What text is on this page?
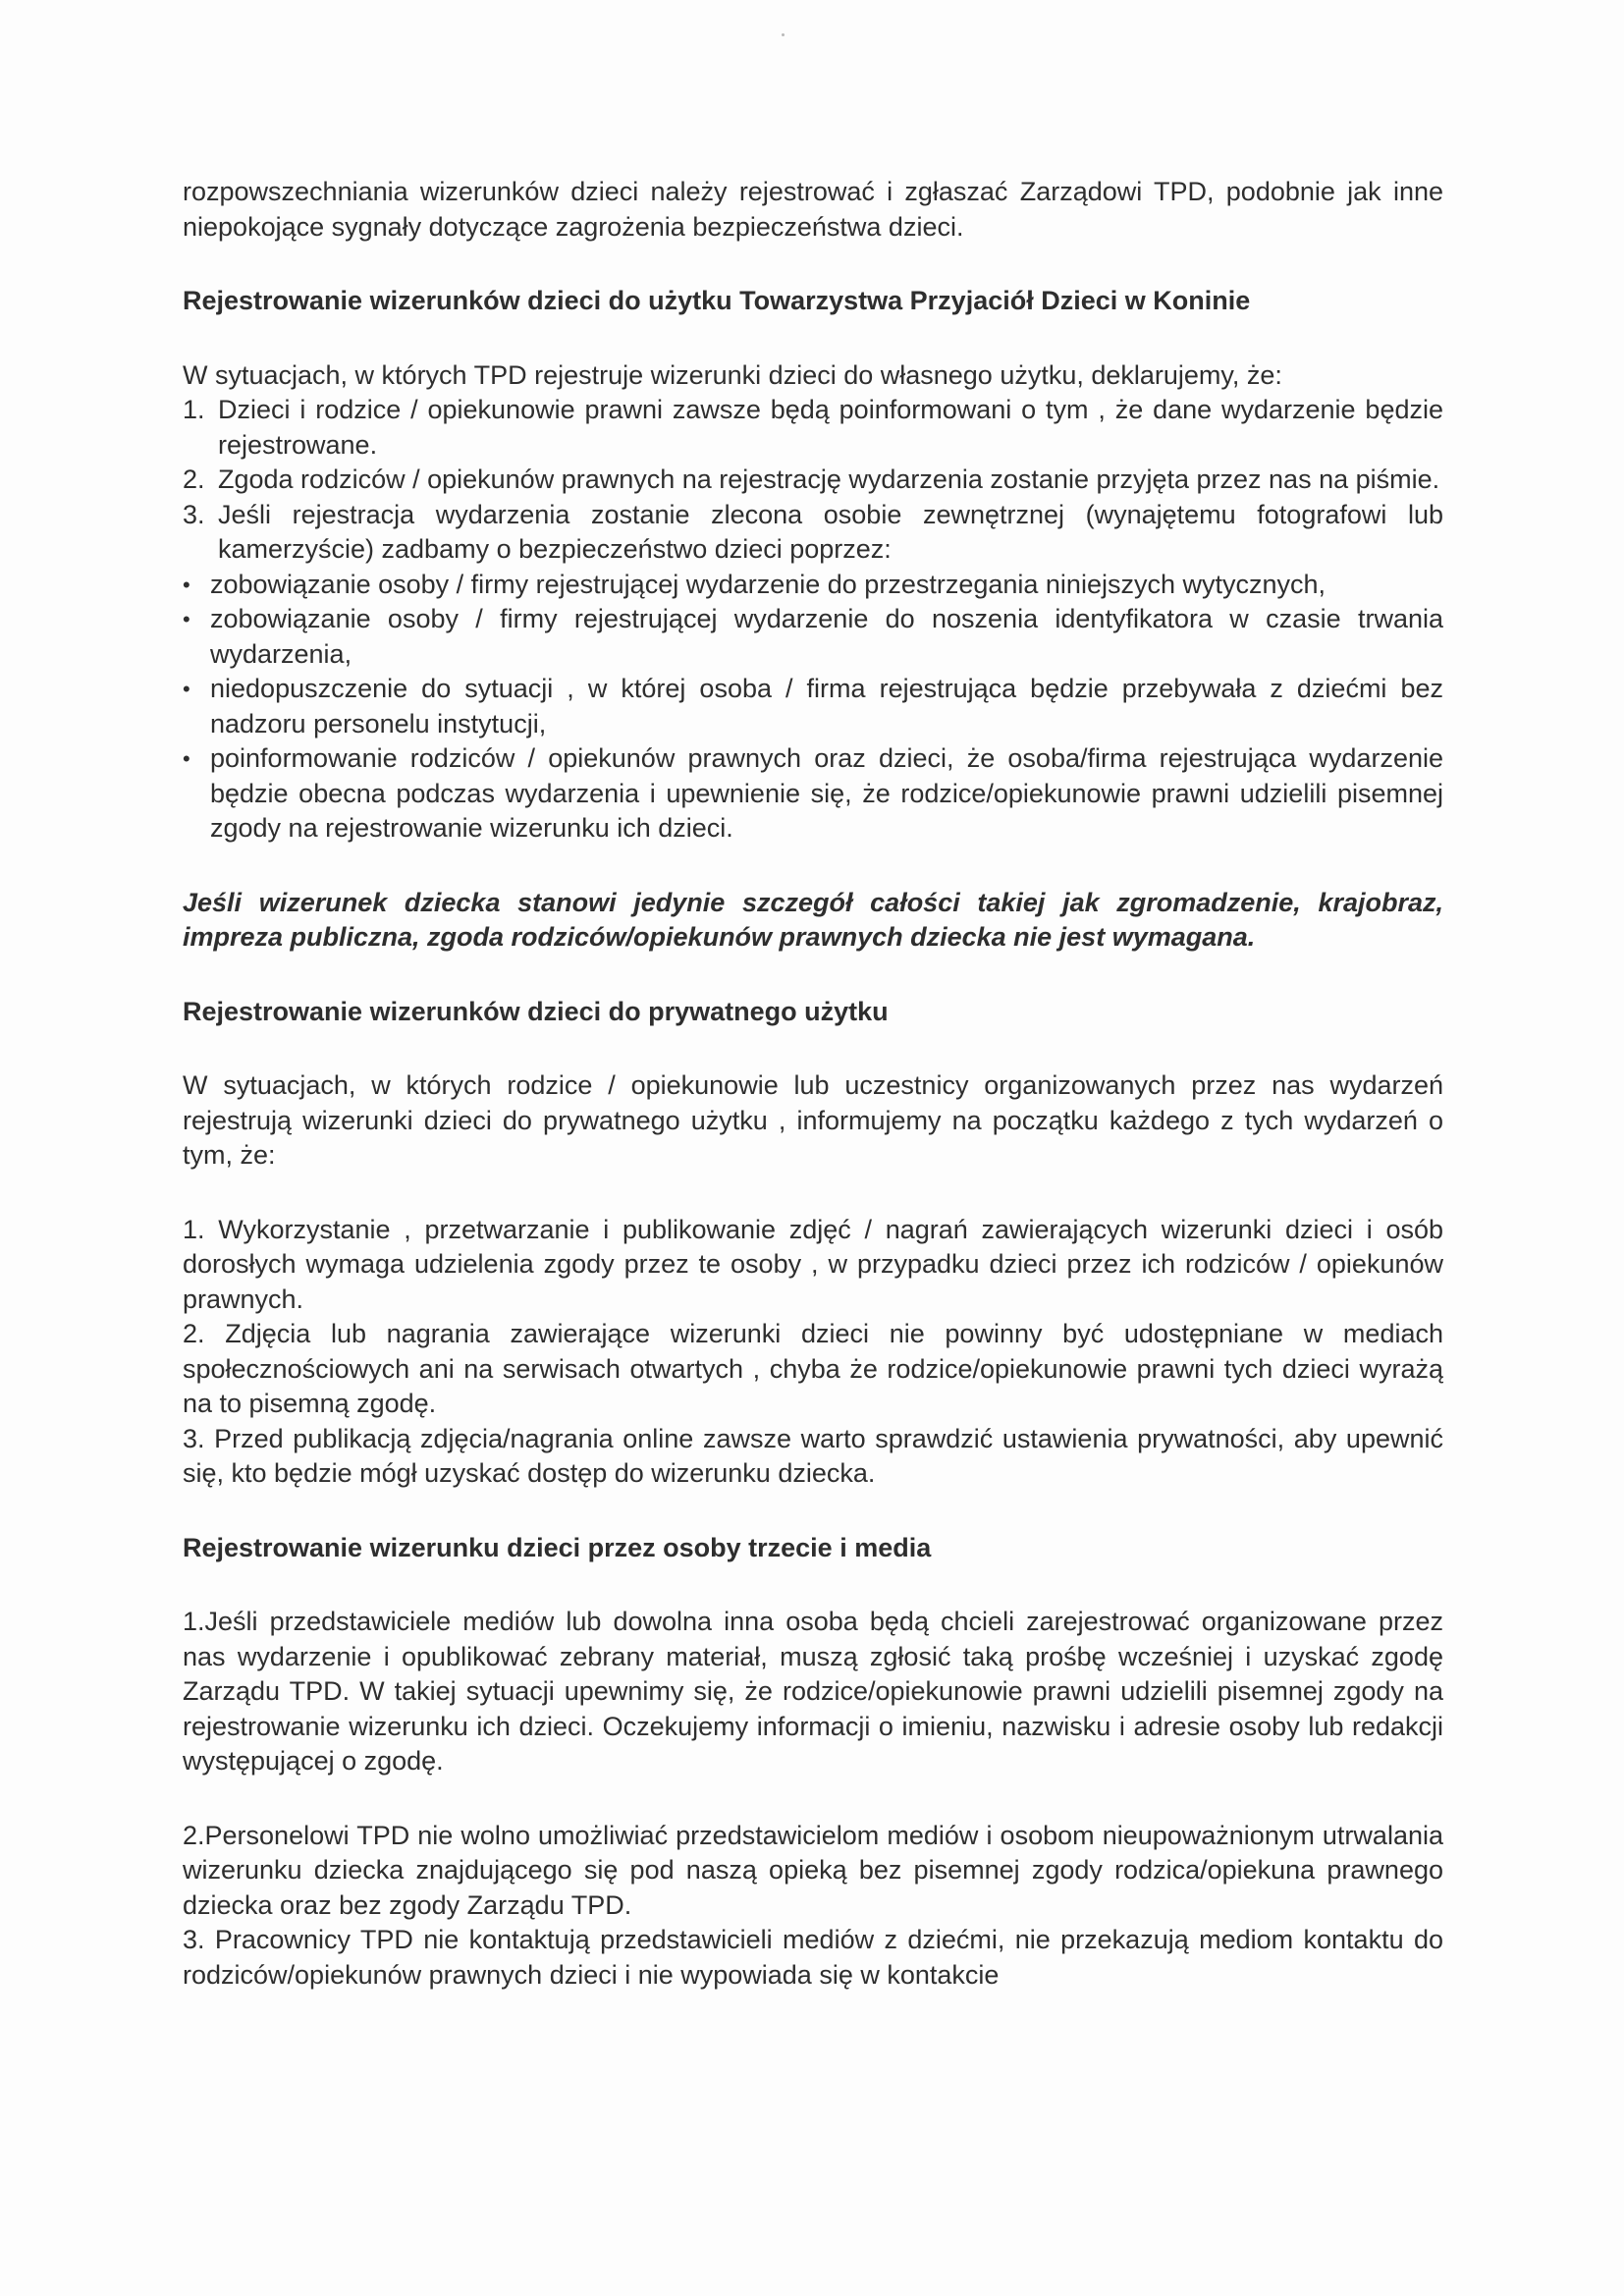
rozpowszechniania wizerunków dzieci należy rejestrować i zgłaszać Zarządowi TPD, podobnie jak inne niepokojące sygnały dotyczące zagrożenia bezpieczeństwa dzieci.

Rejestrowanie wizerunków dzieci do użytku Towarzystwa Przyjaciół Dzieci w Koninie

W sytuacjach, w których TPD rejestruje wizerunki dzieci do własnego użytku, deklarujemy, że:

1. Dzieci i rodzice / opiekunowie prawni zawsze będą poinformowani o tym , że dane wydarzenie będzie rejestrowane.
2. Zgoda rodziców / opiekunów prawnych na rejestrację wydarzenia zostanie przyjęta przez nas na piśmie.
3. Jeśli rejestracja wydarzenia zostanie zlecona osobie zewnętrznej (wynajętemu fotografowi lub kamerzyście) zadbamy o bezpieczeństwo dzieci poprzez:
• zobowiązanie osoby / firmy rejestrującej wydarzenie do przestrzegania niniejszych wytycznych,
• zobowiązanie osoby / firmy rejestrującej wydarzenie do noszenia identyfikatora w czasie trwania wydarzenia,
• niedopuszczenie do sytuacji , w której osoba / firma rejestrująca będzie przebywała z dziećmi bez nadzoru personelu instytucji,
• poinformowanie rodziców / opiekunów prawnych oraz dzieci, że osoba/firma rejestrująca wydarzenie będzie obecna podczas wydarzenia i upewnienie się, że rodzice/opiekunowie prawni udzielili pisemnej zgody na rejestrowanie wizerunku ich dzieci.

Jeśli wizerunek dziecka stanowi jedynie szczegół całości takiej jak zgromadzenie, krajobraz, impreza publiczna, zgoda rodziców/opiekunów prawnych dziecka nie jest wymagana.

Rejestrowanie wizerunków dzieci do prywatnego użytku

W sytuacjach, w których rodzice / opiekunowie lub uczestnicy organizowanych przez nas wydarzeń rejestrują wizerunki dzieci do prywatnego użytku , informujemy na początku każdego z tych wydarzeń o tym, że:

1. Wykorzystanie , przetwarzanie i publikowanie zdjęć / nagrań zawierających wizerunki dzieci i osób dorosłych wymaga udzielenia zgody przez te osoby , w przypadku dzieci przez ich rodziców / opiekunów prawnych.

2. Zdjęcia lub nagrania zawierające wizerunki dzieci nie powinny być udostępniane w mediach społecznościowych ani na serwisach otwartych , chyba że rodzice/opiekunowie prawni tych dzieci wyrażą na to pisemną zgodę.

3. Przed publikacją zdjęcia/nagrania online zawsze warto sprawdzić ustawienia prywatności, aby upewnić się, kto będzie mógł uzyskać dostęp do wizerunku dziecka.

Rejestrowanie wizerunku dzieci przez osoby trzecie i media

1.Jeśli przedstawiciele mediów lub dowolna inna osoba będą chcieli zarejestrować organizowane przez nas wydarzenie i opublikować zebrany materiał, muszą zgłosić taką prośbę wcześniej i uzyskać zgodę Zarządu TPD. W takiej sytuacji upewnimy się, że rodzice/opiekunowie prawni udzielili pisemnej zgody na rejestrowanie wizerunku ich dzieci. Oczekujemy informacji o imieniu, nazwisku i adresie osoby lub redakcji występującej o zgodę.

2.Personelowi TPD nie wolno umożliwiać przedstawicielom mediów i osobom nieupoważnionym utrwalania wizerunku dziecka znajdującego się pod naszą opieką bez pisemnej zgody rodzica/opiekuna prawnego dziecka oraz bez zgody Zarządu TPD.

3. Pracownicy TPD nie kontaktują przedstawicieli mediów z dziećmi, nie przekazują mediom kontaktu do rodziców/opiekunów prawnych dzieci i nie wypowiada się w kontakcie
